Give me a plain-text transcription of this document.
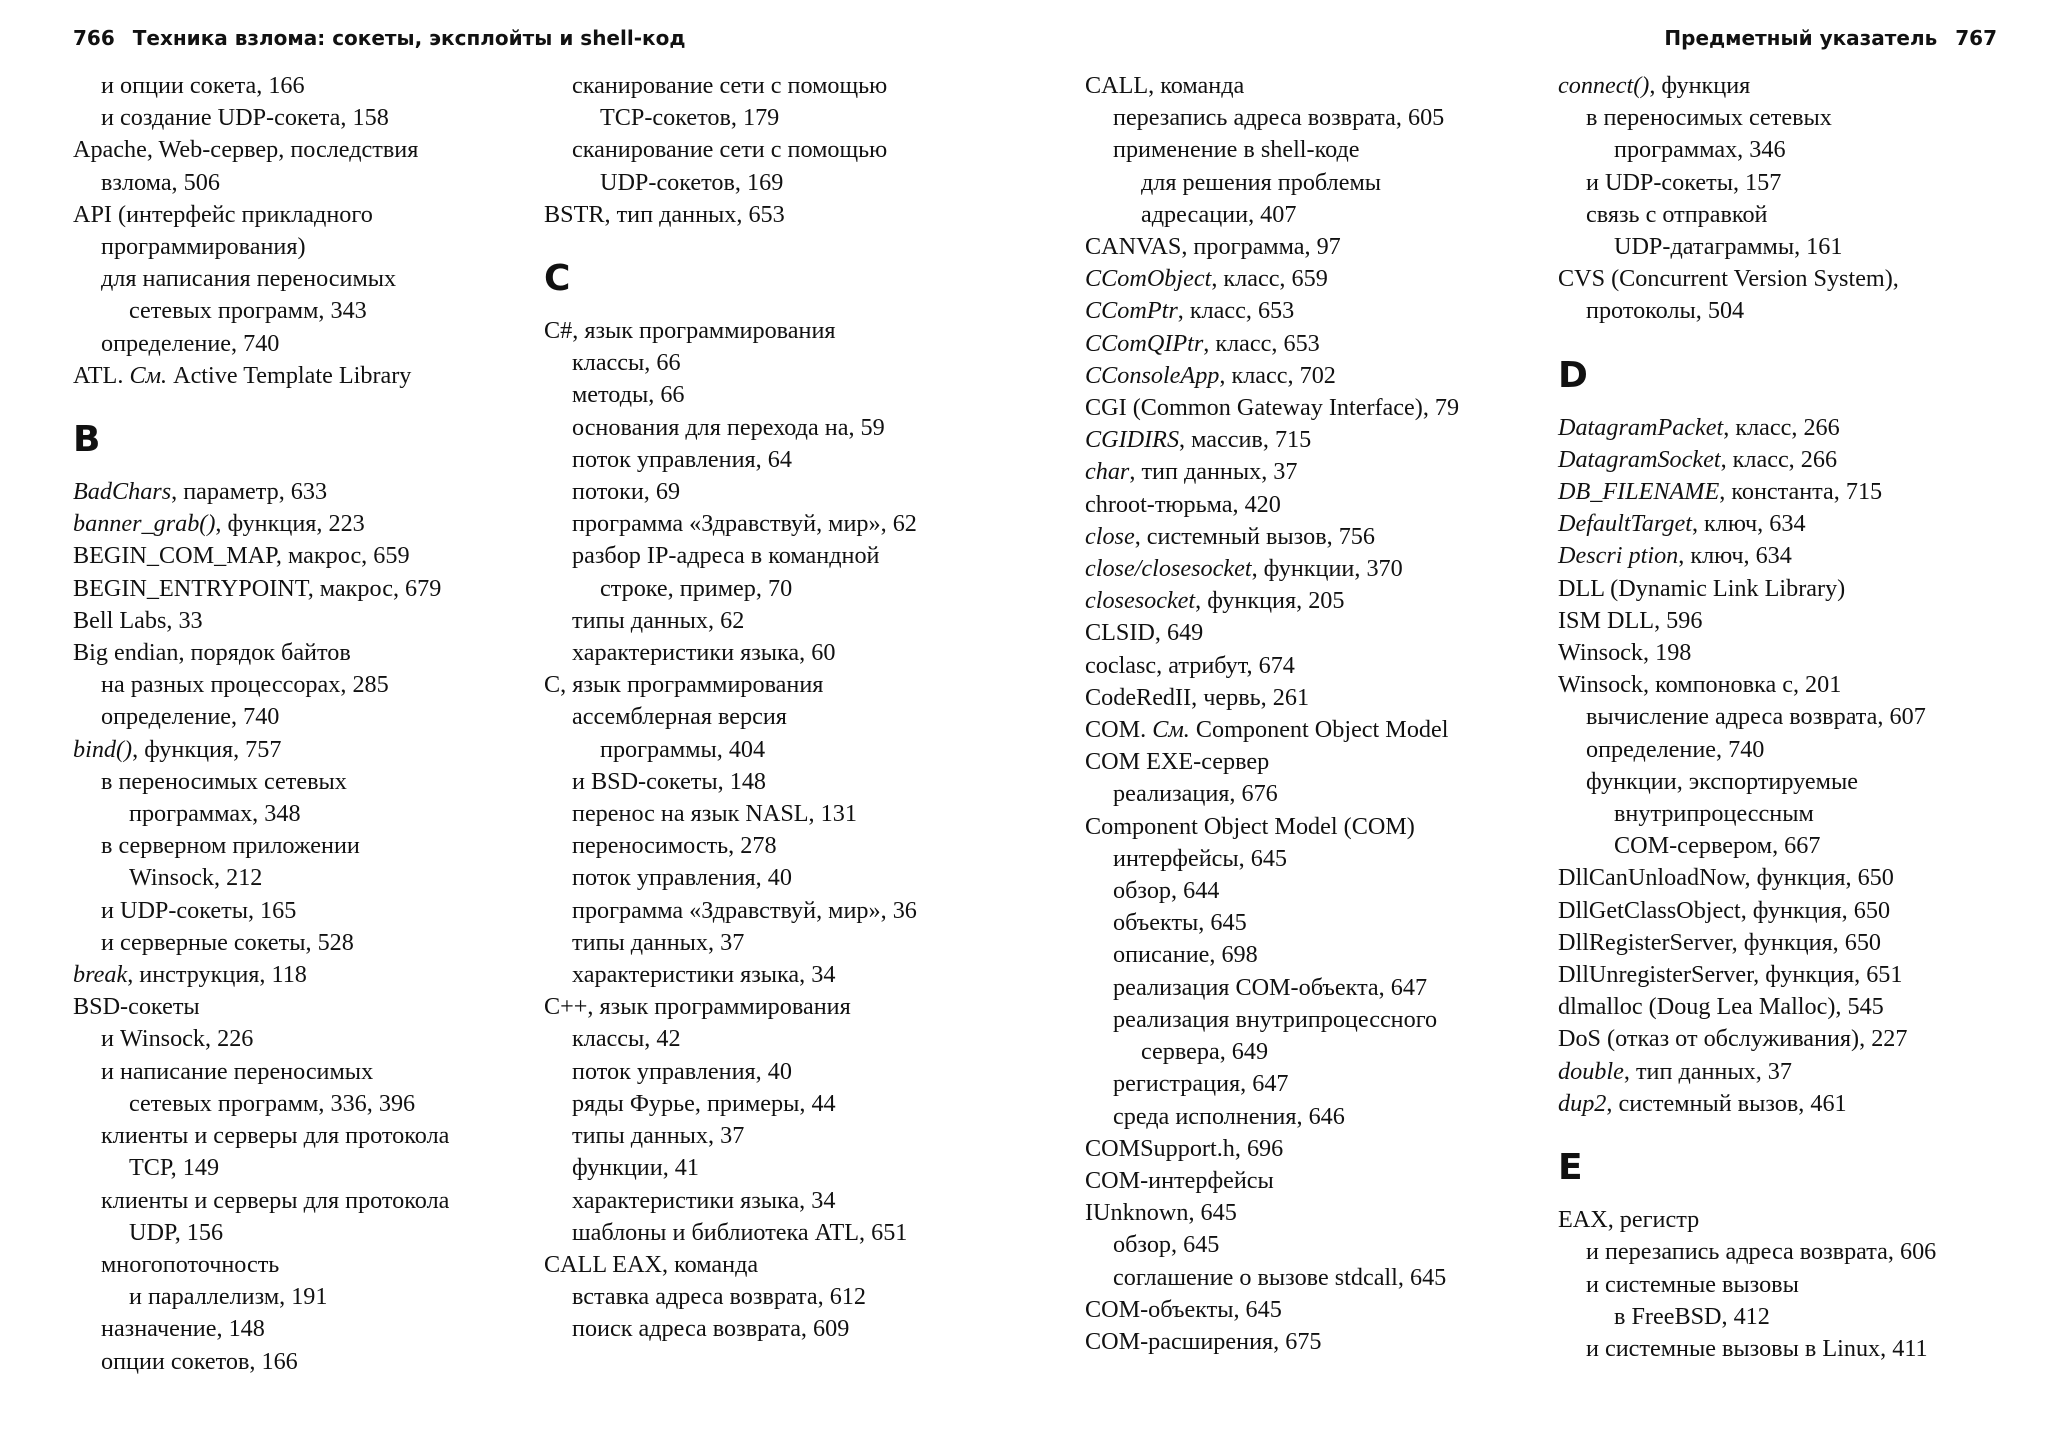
766 Техника взлома: сокеты, эксплойты и shell-код
и опции сокета, 166
и создание UDP-сокета, 158
Apache, Web-сервер, последствия
взлома, 506
API (интерфейс прикладного
программирования)
для написания переносимых
сетевых программ, 343
определение, 740
ATL. См. Active Template Library
B
BadChars, параметр, 633
banner_grab(), функция, 223
BEGIN_COM_MAP, макрос, 659
BEGIN_ENTRYPOINT, макрос, 679
Bell Labs, 33
Big endian, порядок байтов
на разных процессорах, 285
определение, 740
bind(), функция, 757
в переносимых сетевых
программах, 348
в серверном приложении
Winsock, 212
и UDP-сокеты, 165
и серверные сокеты, 528
break, инструкция, 118
BSD-сокеты
и Winsock, 226
и написание переносимых
сетевых программ, 336, 396
клиенты и серверы для протокола
TCP, 149
клиенты и серверы для протокола
UDP, 156
многопоточность
и параллелизм, 191
назначение, 148
опции сокетов, 166
сканирование сети с помощью
TCP-сокетов, 179
сканирование сети с помощью
UDP-сокетов, 169
BSTR, тип данных, 653
C
C#, язык программирования
классы, 66
методы, 66
основания для перехода на, 59
поток управления, 64
потоки, 69
программа «Здравствуй, мир», 62
разбор IP-адреса в командной
строке, пример, 70
типы данных, 62
характеристики языка, 60
C, язык программирования
ассемблерная версия
программы, 404
и BSD-сокеты, 148
перенос на язык NASL, 131
переносимость, 278
поток управления, 40
программа «Здравствуй, мир», 36
типы данных, 37
характеристики языка, 34
C++, язык программирования
классы, 42
поток управления, 40
ряды Фурье, примеры, 44
типы данных, 37
функции, 41
характеристики языка, 34
шаблоны и библиотека ATL, 651
CALL EAX, команда
вставка адреса возврата, 612
поиск адреса возврата, 609
Предметный указатель 767
CALL, команда
перезапись адреса возврата, 605
применение в shell-коде
для решения проблемы
адресации, 407
CANVAS, программа, 97
CComObject, класс, 659
CComPtr, класс, 653
CComQIPtr, класс, 653
CConsoleApp, класс, 702
CGI (Common Gateway Interface), 79
CGIDIRS, массив, 715
char, тип данных, 37
chroot-тюрьма, 420
close, системный вызов, 756
close/closesocket, функции, 370
closesocket, функция, 205
CLSID, 649
coclasc, атрибут, 674
CodeRedII, червь, 261
COM. См. Component Object Model
COM EXE-сервер
реализация, 676
Component Object Model (COM)
интерфейсы, 645
обзор, 644
объекты, 645
описание, 698
реализация COM-объекта, 647
реализация внутрипроцессного
сервера, 649
регистрация, 647
среда исполнения, 646
COMSupport.h, 696
COM-интерфейсы
IUnknown, 645
обзор, 645
соглашение о вызове stdcall, 645
COM-объекты, 645
COM-расширения, 675
connect(), функция
в переносимых сетевых
программах, 346
и UDP-сокеты, 157
связь с отправкой
UDP-датаграммы, 161
CVS (Concurrent Version System),
протоколы, 504
D
DatagramPacket, класс, 266
DatagramSocket, класс, 266
DB_FILENAME, константа, 715
DefaultTarget, ключ, 634
Descri ption, ключ, 634
DLL (Dynamic Link Library)
ISM DLL, 596
Winsock, 198
Winsock, компоновка с, 201
вычисление адреса возврата, 607
определение, 740
функции, экспортируемые
внутрипроцессным
COM-сервером, 667
DllCanUnloadNow, функция, 650
DllGetClassObject, функция, 650
DllRegisterServer, функция, 650
DllUnregisterServer, функция, 651
dlmalloc (Doug Lea Malloc), 545
DoS (отказ от обслуживания), 227
double, тип данных, 37
dup2, системный вызов, 461
E
EAX, регистр
и перезапись адреса возврата, 606
и системные вызовы
в FreeBSD, 412
и системные вызовы в Linux, 411
